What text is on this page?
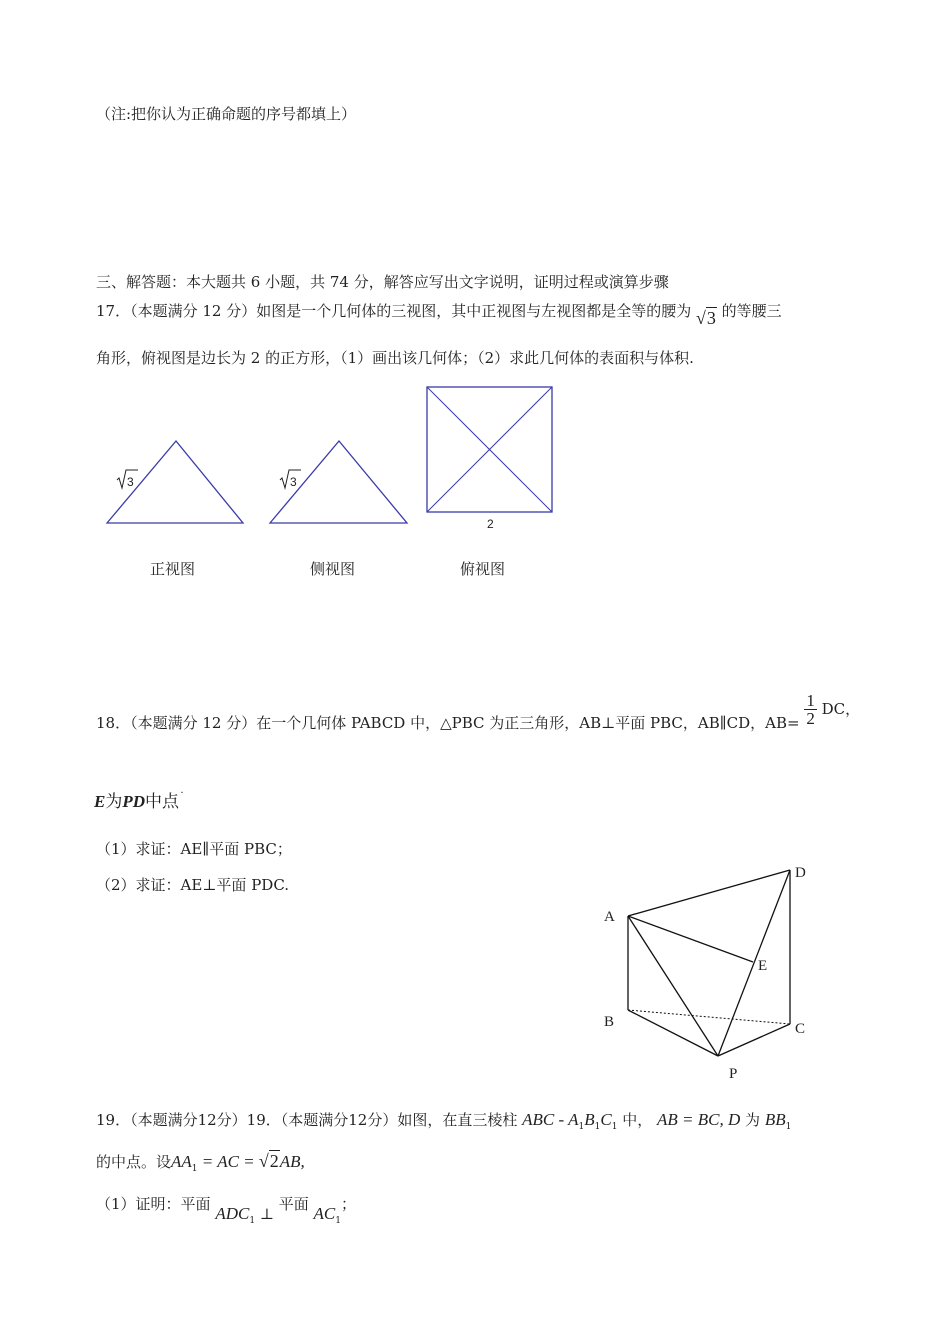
（注:把你认为正确命题的序号都填上）
三、解答题：本大题共 6 小题，共 74 分，解答应写出文字说明，证明过程或演算步骤
17．（本题满分 12 分）如图是一个几何体的三视图，其中正视图与左视图都是全等的腰为 √3 的等腰三
角形，俯视图是边长为 2 的正方形，（1）画出该几何体；（2）求此几何体的表面积与体积.
3	3
2
正视图	侧视图	俯视图
18．（本题满分 12 分）在一个几何体 PABCD 中，△PBC 为正三角形，AB⊥平面 PBC，AB∥CD，$AB= \frac{1}{2}$ DC，
E为PD中点˙
（1）求证：AE∥平面 PBC；
（2）求证：AE⊥平面 PDC.
A
D
E
B	C
P
19．（本题满分12分）19．（本题满分12分）如图，在直三棱柱 ABC - $A_1B_1C_1$ 中， AB = BC, D 为 $BB_1$
的中点。设$AA_1$ = AC = √2AB,
（1）证明：平面 $ADC_1$ ⊥ 平面 $AC_1$；
